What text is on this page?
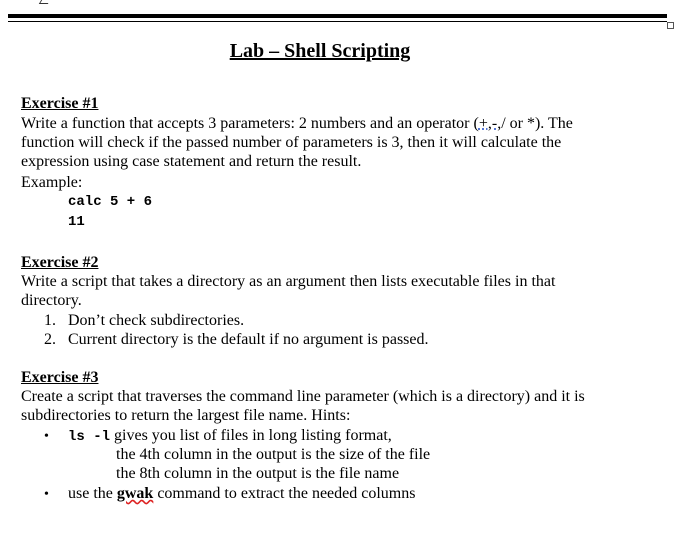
Lab – Shell Scripting
Exercise #1
Write a function that accepts 3 parameters: 2 numbers and an operator (+,-,/ or *). The
function will check if the passed number of parameters is 3, then it will calculate the
expression using case statement and return the result.
Example:
calc 5 + 6
11
Exercise #2
Write a script that takes a directory as an argument then lists executable files in that
directory.
1. Don’t check subdirectories.
2. Current directory is the default if no argument is passed.
Exercise #3
Create a script that traverses the command line parameter (which is a directory) and it is
subdirectories to return the largest file name. Hints:
• ls -l gives you list of files in long listing format,
the 4th column in the output is the size of the file
the 8th column in the output is the file name
• use the gwak command to extract the needed columns
